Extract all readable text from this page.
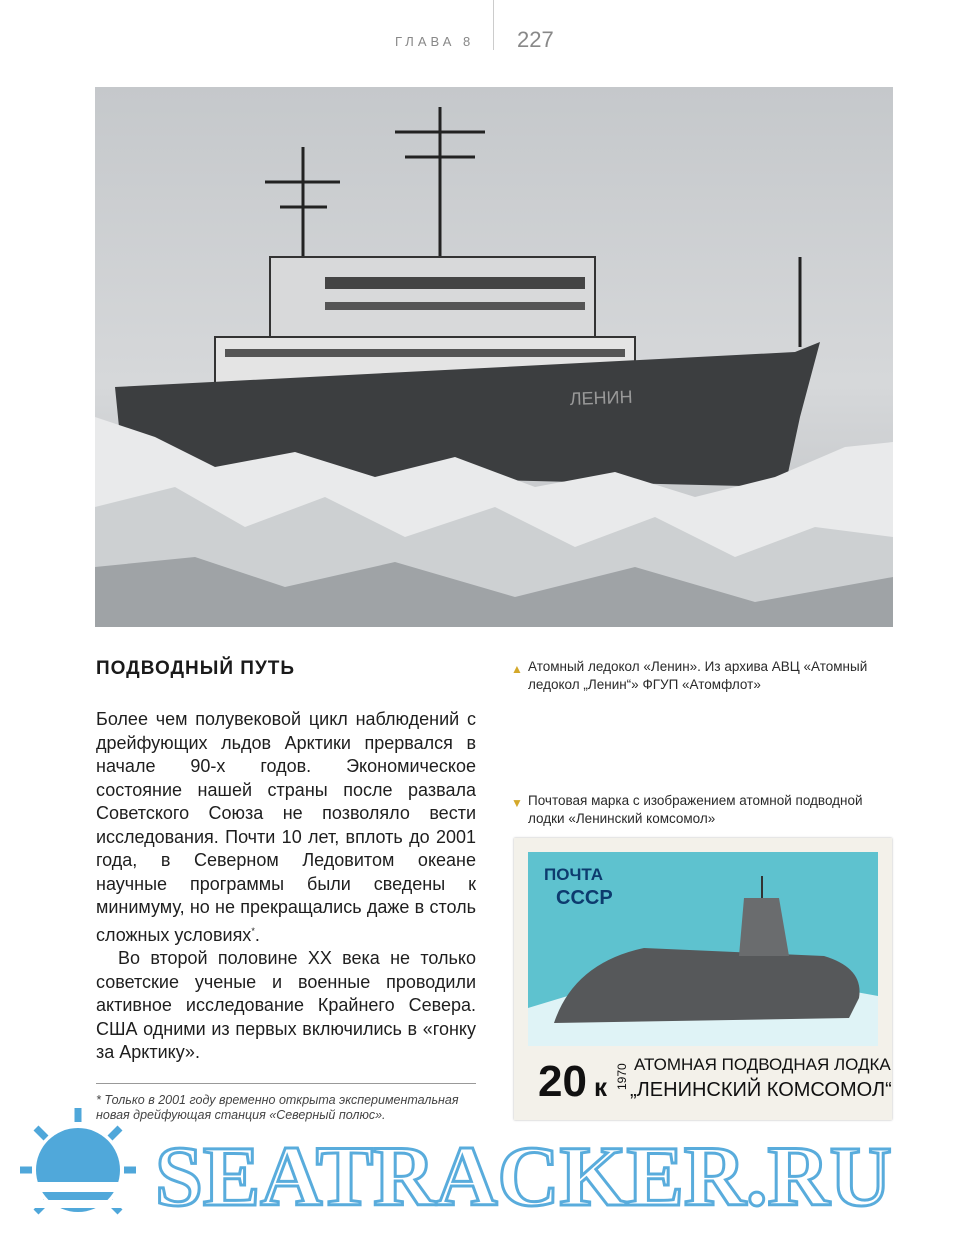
ГЛАВА 8 227
ЛЕНИН
ПОДВОДНЫЙ ПУТЬ

Более чем полувековой цикл наблюдений с дрейфующих льдов Арктики прервался в начале 90-х годов. Экономическое состояние нашей страны после развала Советского Союза не позволяло вести исследования. Почти 10 лет, вплоть до 2001 года, в Северном Ледовитом океане научные программы были сведены к минимуму, но не прекращались даже в столь сложных условиях*.

Во второй половине XX века не только советские ученые и военные проводили активное исследование Крайнего Севера. США одними из первых включились в «гонку за Арктику».

▲ Атомный ледокол «Ленин». Из архива АВЦ «Атомный ледокол „Ленин“» ФГУП «Атомфлот»
▼ Почтовая марка с изображением атомной подводной лодки «Ленинский комсомол»
ПОЧТА
СССР
20 к 1970 АТОМНАЯ ПОДВОДНАЯ ЛОДКА
„ЛЕНИНСКИЙ КОМСОМОЛ“
* Только в 2001 году временно открыта экспериментальная новая дрейфующая станция «Северный полюс».
SEATRACKER.RU
